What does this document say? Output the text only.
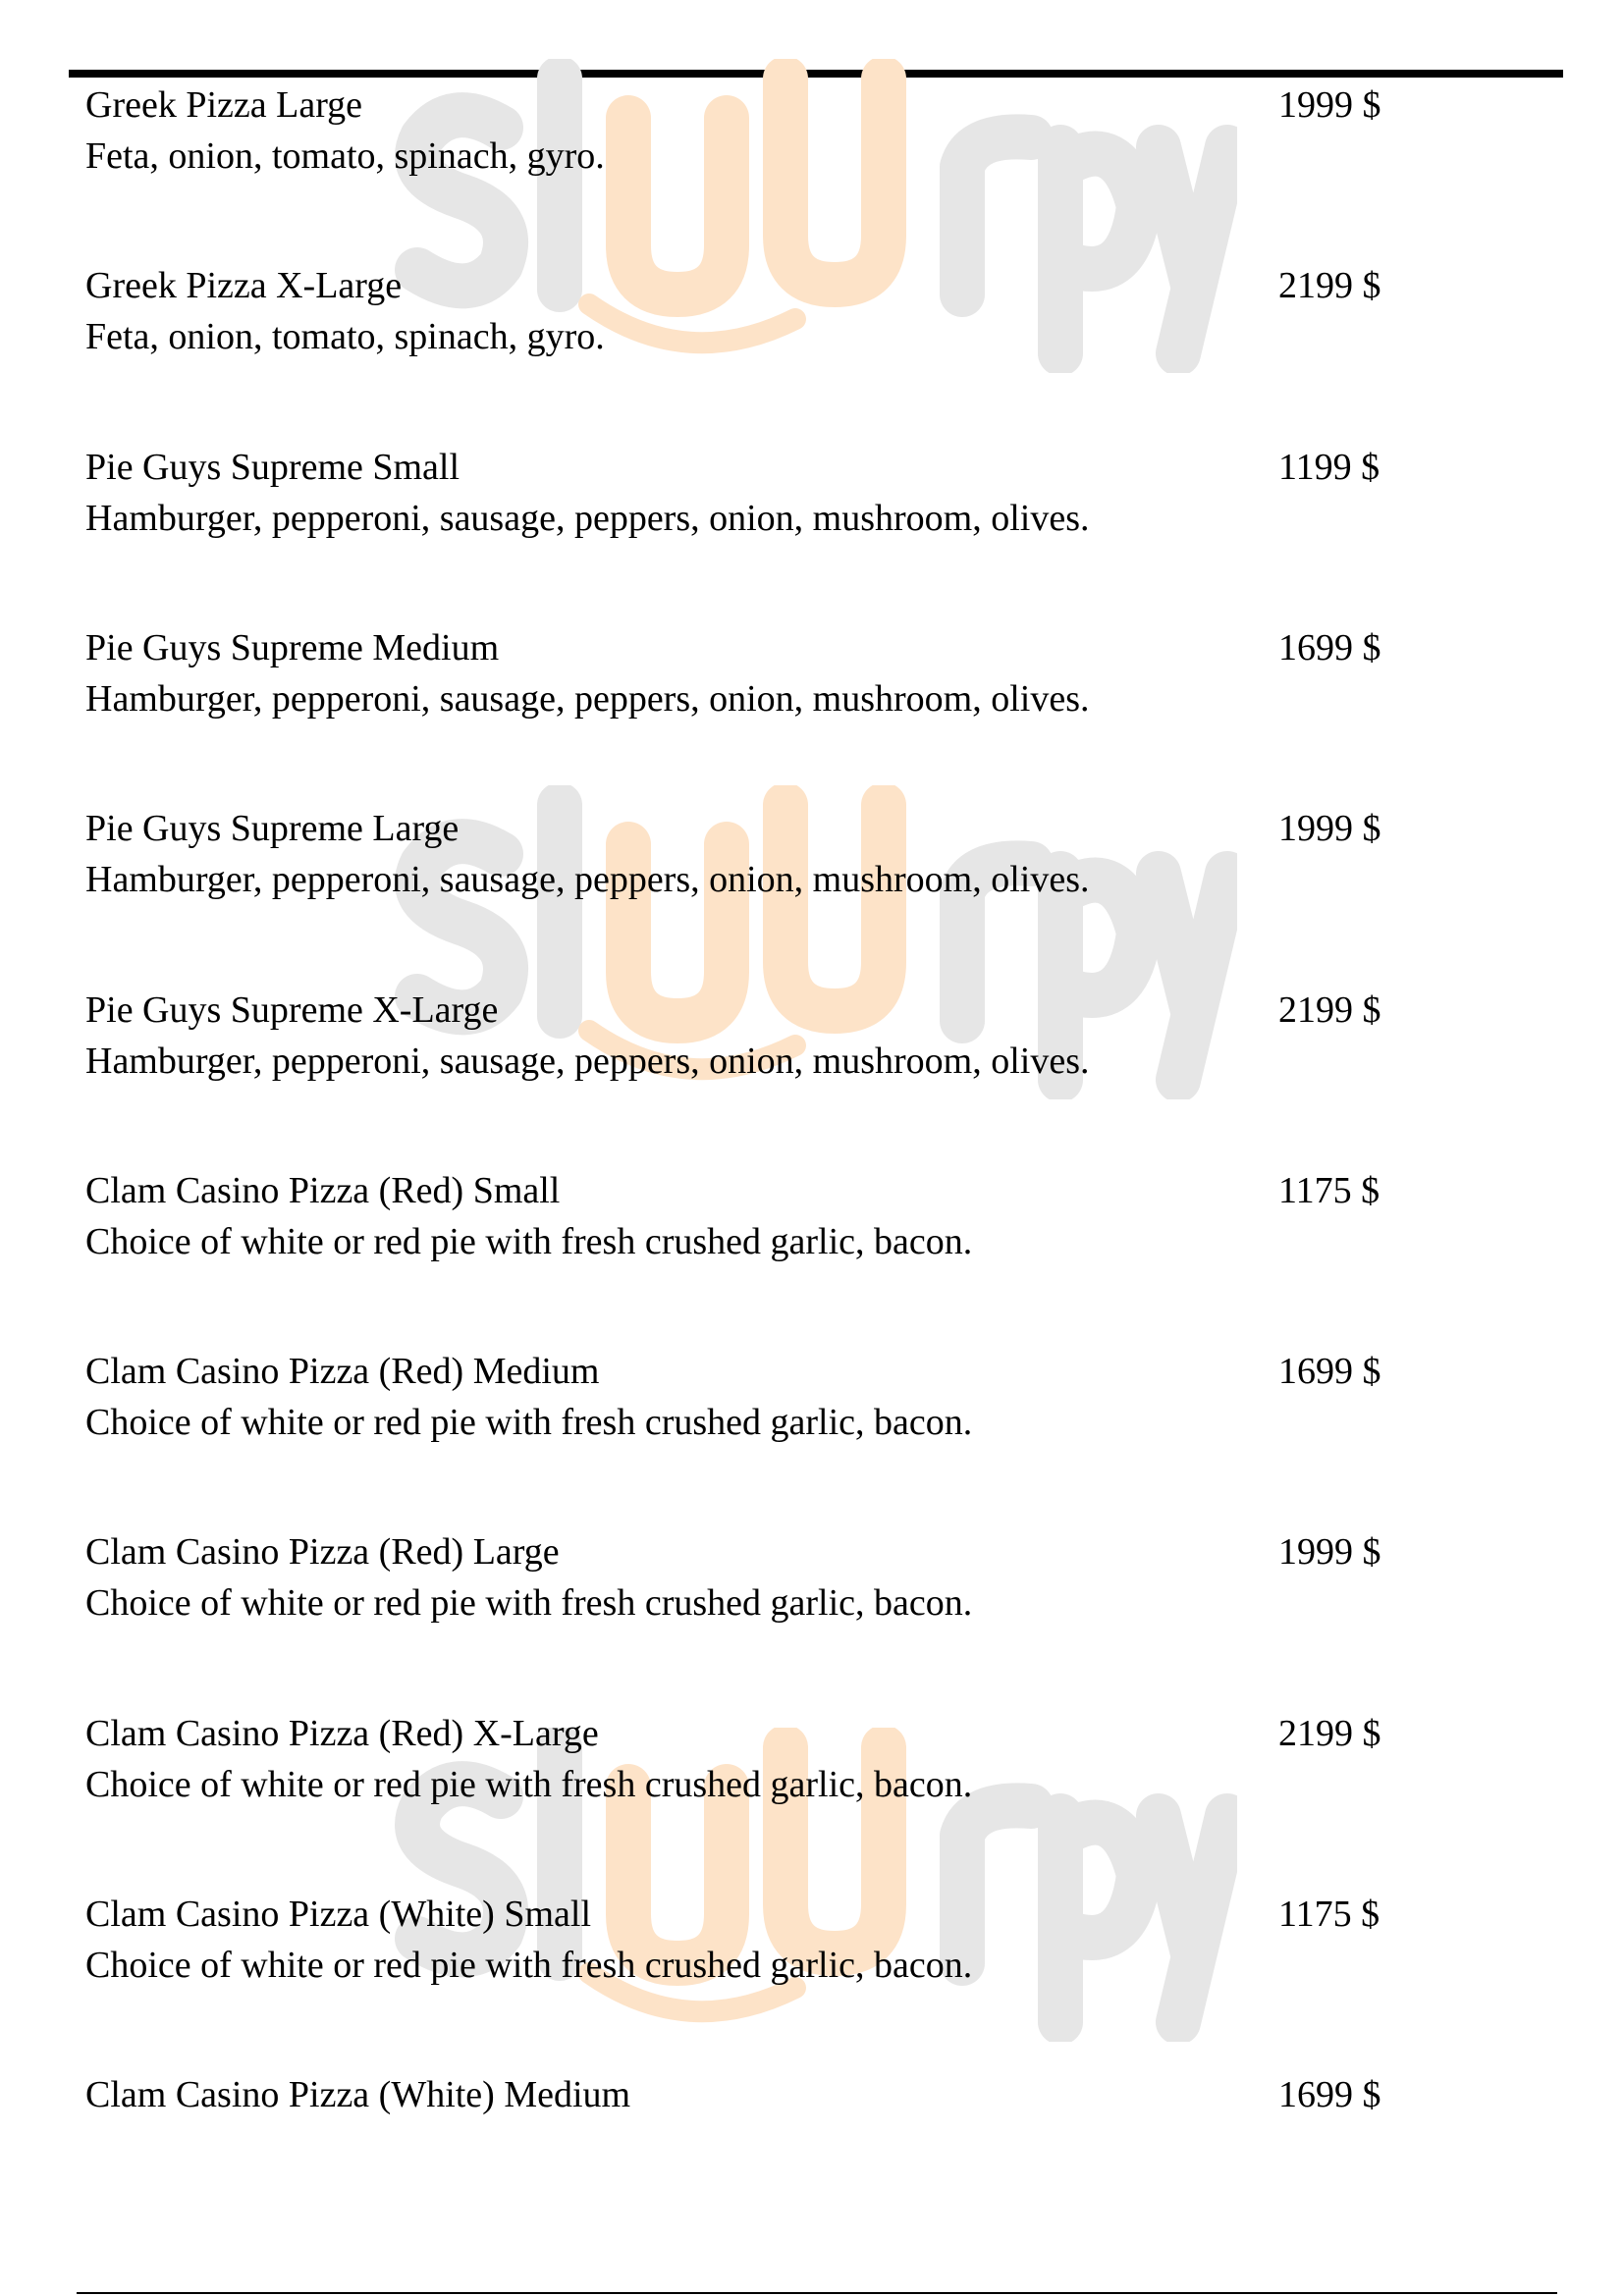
Greek Pizza Large
Feta, onion, tomato, spinach, gyro.
1999 $
Greek Pizza X-Large
Feta, onion, tomato, spinach, gyro.
2199 $
Pie Guys Supreme Small
Hamburger, pepperoni, sausage, peppers, onion, mushroom, olives.
1199 $
Pie Guys Supreme Medium
Hamburger, pepperoni, sausage, peppers, onion, mushroom, olives.
1699 $
Pie Guys Supreme Large
Hamburger, pepperoni, sausage, peppers, onion, mushroom, olives.
1999 $
Pie Guys Supreme X-Large
Hamburger, pepperoni, sausage, peppers, onion, mushroom, olives.
2199 $
Clam Casino Pizza (Red) Small
Choice of white or red pie with fresh crushed garlic, bacon.
1175 $
Clam Casino Pizza (Red) Medium
Choice of white or red pie with fresh crushed garlic, bacon.
1699 $
Clam Casino Pizza (Red) Large
Choice of white or red pie with fresh crushed garlic, bacon.
1999 $
Clam Casino Pizza (Red) X-Large
Choice of white or red pie with fresh crushed garlic, bacon.
2199 $
Clam Casino Pizza (White) Small
Choice of white or red pie with fresh crushed garlic, bacon.
1175 $
Clam Casino Pizza (White) Medium	1699 $
